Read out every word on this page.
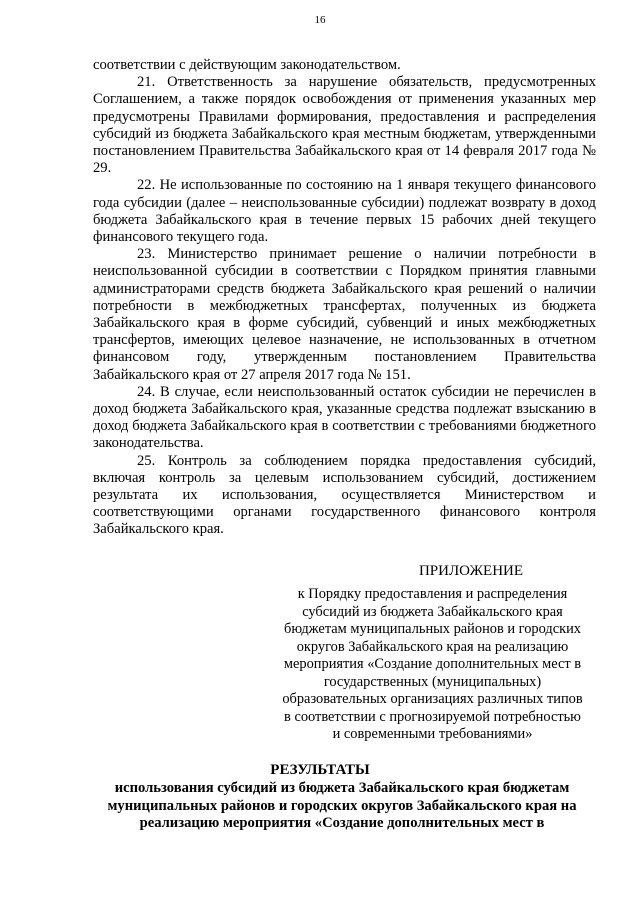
16

соответствии с действующим законодательством.

21. Ответственность за нарушение обязательств, предусмотренных Соглашением, а также порядок освобождения от применения указанных мер предусмотрены Правилами формирования, предоставления и распределения субсидий из бюджета Забайкальского края местным бюджетам, утвержденными постановлением Правительства Забайкальского края от 14 февраля 2017 года № 29.

22. Не использованные по состоянию на 1 января текущего финансового года субсидии (далее – неиспользованные субсидии) подлежат возврату в доход бюджета Забайкальского края в течение первых 15 рабочих дней текущего финансового текущего года.

23. Министерство принимает решение о наличии потребности в неиспользованной субсидии в соответствии с Порядком принятия главными администраторами средств бюджета Забайкальского края решений о наличии потребности в межбюджетных трансфертах, полученных из бюджета Забайкальского края в форме субсидий, субвенций и иных межбюджетных трансфертов, имеющих целевое назначение, не использованных в отчетном финансовом году, утвержденным постановлением Правительства Забайкальского края от 27 апреля 2017 года № 151.

24. В случае, если неиспользованный остаток субсидии не перечислен в доход бюджета Забайкальского края, указанные средства подлежат взысканию в доход бюджета Забайкальского края в соответствии с требованиями бюджетного законодательства.

25. Контроль за соблюдением порядка предоставления субсидий, включая контроль за целевым использованием субсидий, достижением результата их использования, осуществляется Министерством и соответствующими органами государственного финансового контроля Забайкальского края.

ПРИЛОЖЕНИЕ
к Порядку предоставления и распределения
субсидий из бюджета Забайкальского края
бюджетам муниципальных районов и городских
округов Забайкальского края на реализацию
мероприятия «Создание дополнительных мест в
государственных (муниципальных)
образовательных организациях различных типов
в соответствии с прогнозируемой потребностью
и современными требованиями»
РЕЗУЛЬТАТЫ
использования субсидий из бюджета Забайкальского края бюджетам
муниципальных районов и городских округов Забайкальского края на
реализацию мероприятия «Создание дополнительных мест в
